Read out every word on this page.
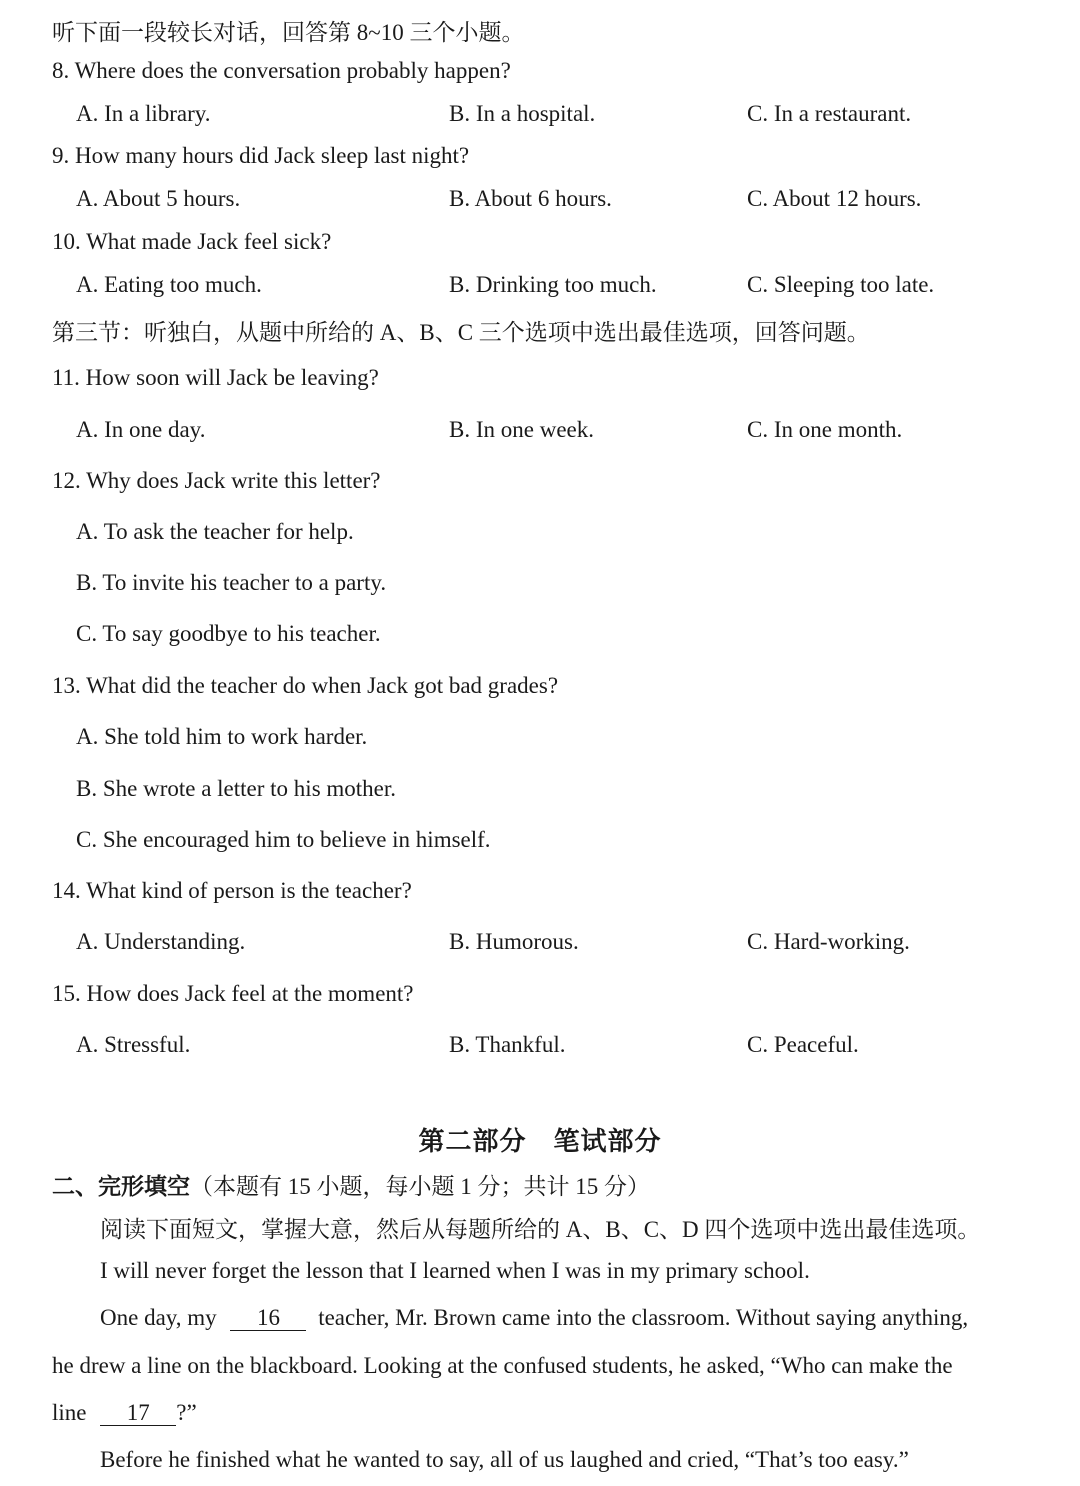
听下面一段较长对话，回答第 8~10 三个小题。
8. Where does the conversation probably happen?
A. In a library.	B. In a hospital.	C. In a restaurant.
9. How many hours did Jack sleep last night?
A. About 5 hours.	B. About 6 hours.	C. About 12 hours.
10. What made Jack feel sick?
A. Eating too much.	B. Drinking too much.	C. Sleeping too late.
第三节：听独白，从题中所给的 A、B、C 三个选项中选出最佳选项，回答问题。
11. How soon will Jack be leaving?
A. In one day.	B. In one week.	C. In one month.
12. Why does Jack write this letter?
A. To ask the teacher for help.
B. To invite his teacher to a party.
C. To say goodbye to his teacher.
13. What did the teacher do when Jack got bad grades?
A. She told him to work harder.
B. She wrote a letter to his mother.
C. She encouraged him to believe in himself.
14. What kind of person is the teacher?
A. Understanding.	B. Humorous.	C. Hard-working.
15. How does Jack feel at the moment?
A. Stressful.	B. Thankful.	C. Peaceful.
第二部分　笔试部分
二、完形填空（本题有 15 小题，每小题 1 分；共计 15 分）
阅读下面短文，掌握大意，然后从每题所给的 A、B、C、D 四个选项中选出最佳选项。
I will never forget the lesson that I learned when I was in my primary school.
One day, my 16 teacher, Mr. Brown came into the classroom. Without saying anything,
he drew a line on the blackboard. Looking at the confused students, he asked, “Who can make the
line 17 ?”
Before he finished what he wanted to say, all of us laughed and cried, “That’s too easy.”
